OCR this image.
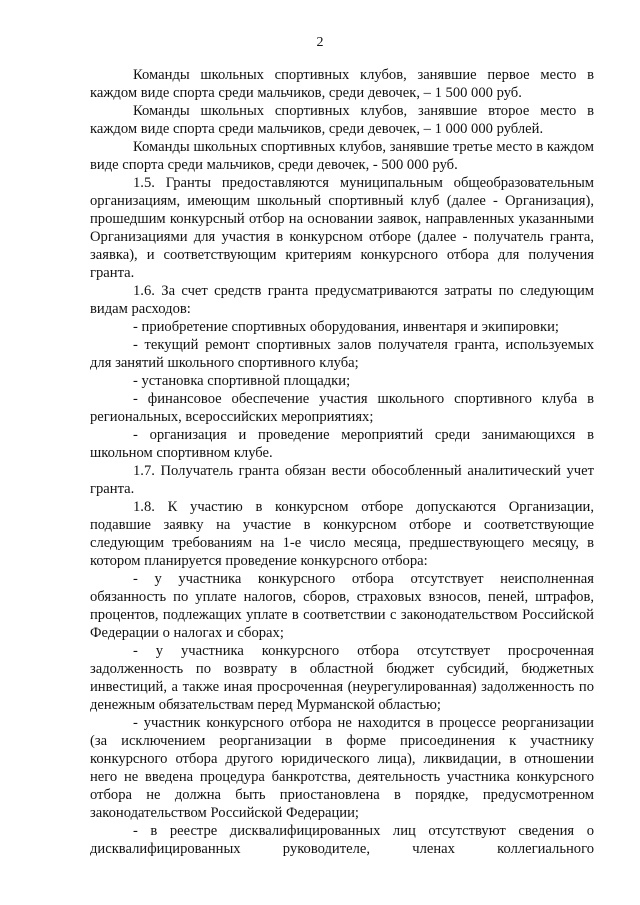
2

Команды школьных спортивных клубов, занявшие первое место в каждом виде спорта среди мальчиков, среди девочек, – 1 500 000 руб.

Команды школьных спортивных клубов, занявшие второе место в каждом виде спорта среди мальчиков, среди девочек, – 1 000 000 рублей.

Команды школьных спортивных клубов, занявшие третье место в каждом виде спорта среди мальчиков, среди девочек, - 500 000 руб.

1.5. Гранты предоставляются муниципальным общеобразовательным организациям, имеющим школьный спортивный клуб (далее - Организация), прошедшим конкурсный отбор на основании заявок, направленных указанными Организациями для участия в конкурсном отборе (далее - получатель гранта, заявка), и соответствующим критериям конкурсного отбора для получения гранта.

1.6. За счет средств гранта предусматриваются затраты по следующим видам расходов:

- приобретение спортивных оборудования, инвентаря и экипировки;

- текущий ремонт спортивных залов получателя гранта, используемых для занятий школьного спортивного клуба;

- установка спортивной площадки;

- финансовое обеспечение участия школьного спортивного клуба в региональных, всероссийских мероприятиях;

- организация и проведение мероприятий среди занимающихся в школьном спортивном клубе.

1.7. Получатель гранта обязан вести обособленный аналитический учет гранта.

1.8. К участию в конкурсном отборе допускаются Организации, подавшие заявку на участие в конкурсном отборе и соответствующие следующим требованиям на 1-е число месяца, предшествующего месяцу, в котором планируется проведение конкурсного отбора:

- у участника конкурсного отбора отсутствует неисполненная обязанность по уплате налогов, сборов, страховых взносов, пеней, штрафов, процентов, подлежащих уплате в соответствии с законодательством Российской Федерации о налогах и сборах;

- у участника конкурсного отбора отсутствует просроченная задолженность по возврату в областной бюджет субсидий, бюджетных инвестиций, а также иная просроченная (неурегулированная) задолженность по денежным обязательствам перед Мурманской областью;

- участник конкурсного отбора не находится в процессе реорганизации (за исключением реорганизации в форме присоединения к участнику конкурсного отбора другого юридического лица), ликвидации, в отношении него не введена процедура банкротства, деятельность участника конкурсного отбора не должна быть приостановлена в порядке, предусмотренном законодательством Российской Федерации;

- в реестре дисквалифицированных лиц отсутствуют сведения о дисквалифицированных руководителе, членах коллегиального
